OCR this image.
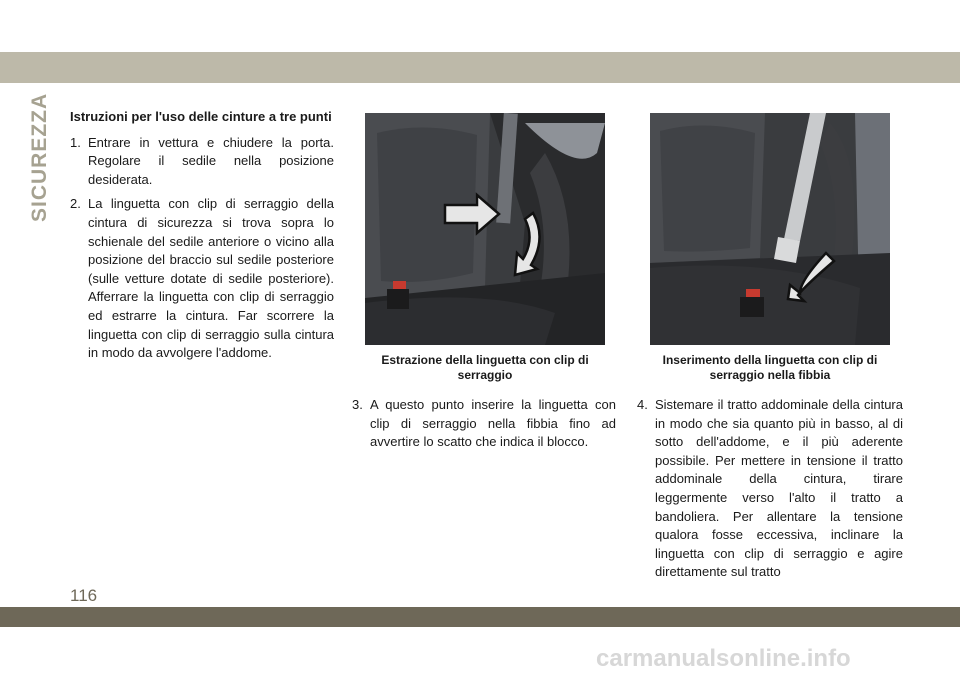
SICUREZZA Istruzioni per l'uso delle cinture a tre punti
1. Entrare in vettura e chiudere la porta. Regolare il sedile nella posizione desiderata.
2. La linguetta con clip di serraggio della cintura di sicurezza si trova sopra lo schienale del sedile anteriore o vicino alla posizione del braccio sul sedile posteriore (sulle vetture dotate di sedile posteriore). Afferrare la linguetta con clip di serraggio ed estrarre la cintura. Far scorrere la linguetta con clip di serraggio sulla cintura in modo da avvolgere l'addome.	Estrazione della linguetta con clip di serraggio
Inserimento della linguetta con clip di serraggio nella fibbia
3. A questo punto inserire la linguetta con clip di serraggio nella fibbia fino ad avvertire lo scatto che indica il blocco.
4. Sistemare il tratto addominale della cintura in modo che sia quanto più in basso, al di sotto dell'addome, e il più aderente possibile. Per mettere in tensione il tratto addominale della cintura, tirare leggermente verso l'alto il tratto a bandoliera. Per allentare la tensione qualora fosse eccessiva, inclinare la linguetta con clip di serraggio e agire direttamente sul tratto
116
carmanualsonline.info
